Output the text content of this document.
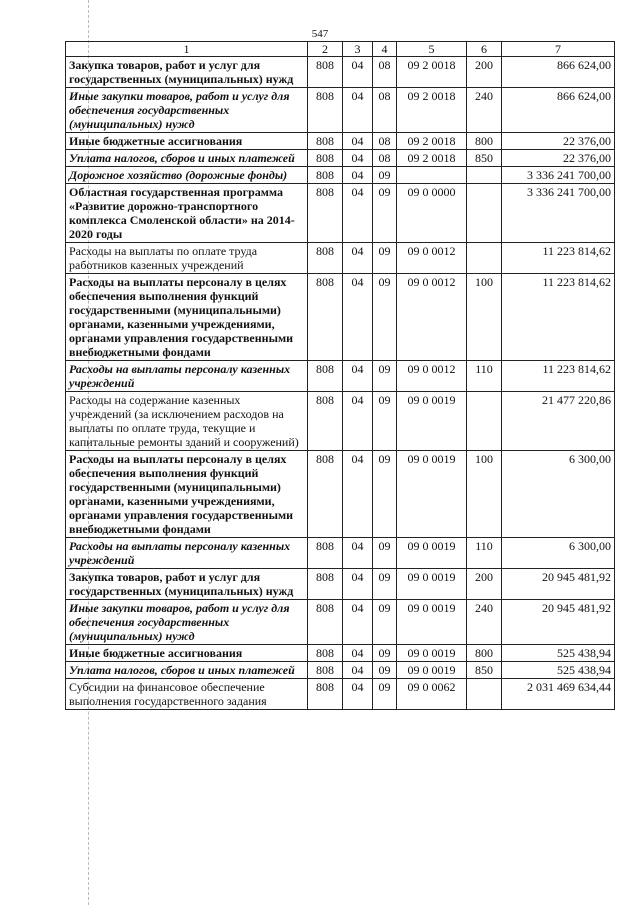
547
1	2	3	4	5	6	7
Закупка товаров, работ и услуг для государственных (муниципальных) нужд	808	04	08	09 2 0018	200	866 624,00
Иные закупки товаров, работ и услуг для обеспечения государственных (муниципальных) нужд	808	04	08	09 2 0018	240	866 624,00
Иные бюджетные ассигнования	808	04	08	09 2 0018	800	22 376,00
Уплата налогов, сборов и иных платежей	808	04	08	09 2 0018	850	22 376,00
Дорожное хозяйство (дорожные фонды)	808	04	09			3 336 241 700,00
Областная государственная программа «Развитие дорожно-транспортного комплекса Смоленской области» на 2014-2020 годы	808	04	09	09 0 0000		3 336 241 700,00
Расходы на выплаты по оплате труда работников казенных учреждений	808	04	09	09 0 0012		11 223 814,62
Расходы на выплаты персоналу в целях обеспечения выполнения функций государственными (муниципальными) органами, казенными учреждениями, органами управления государственными внебюджетными фондами	808	04	09	09 0 0012	100	11 223 814,62
Расходы на выплаты персоналу казенных учреждений	808	04	09	09 0 0012	110	11 223 814,62
Расходы на содержание казенных учреждений (за исключением расходов на выплаты по оплате труда, текущие и капитальные ремонты зданий и сооружений)	808	04	09	09 0 0019		21 477 220,86
Расходы на выплаты персоналу в целях обеспечения выполнения функций государственными (муниципальными) органами, казенными учреждениями, органами управления государственными внебюджетными фондами	808	04	09	09 0 0019	100	6 300,00
Расходы на выплаты персоналу казенных учреждений	808	04	09	09 0 0019	110	6 300,00
Закупка товаров, работ и услуг для государственных (муниципальных) нужд	808	04	09	09 0 0019	200	20 945 481,92
Иные закупки товаров, работ и услуг для обеспечения государственных (муниципальных) нужд	808	04	09	09 0 0019	240	20 945 481,92
Иные бюджетные ассигнования	808	04	09	09 0 0019	800	525 438,94
Уплата налогов, сборов и иных платежей	808	04	09	09 0 0019	850	525 438,94
Субсидии на финансовое обеспечение выполнения государственного задания	808	04	09	09 0 0062		2 031 469 634,44
